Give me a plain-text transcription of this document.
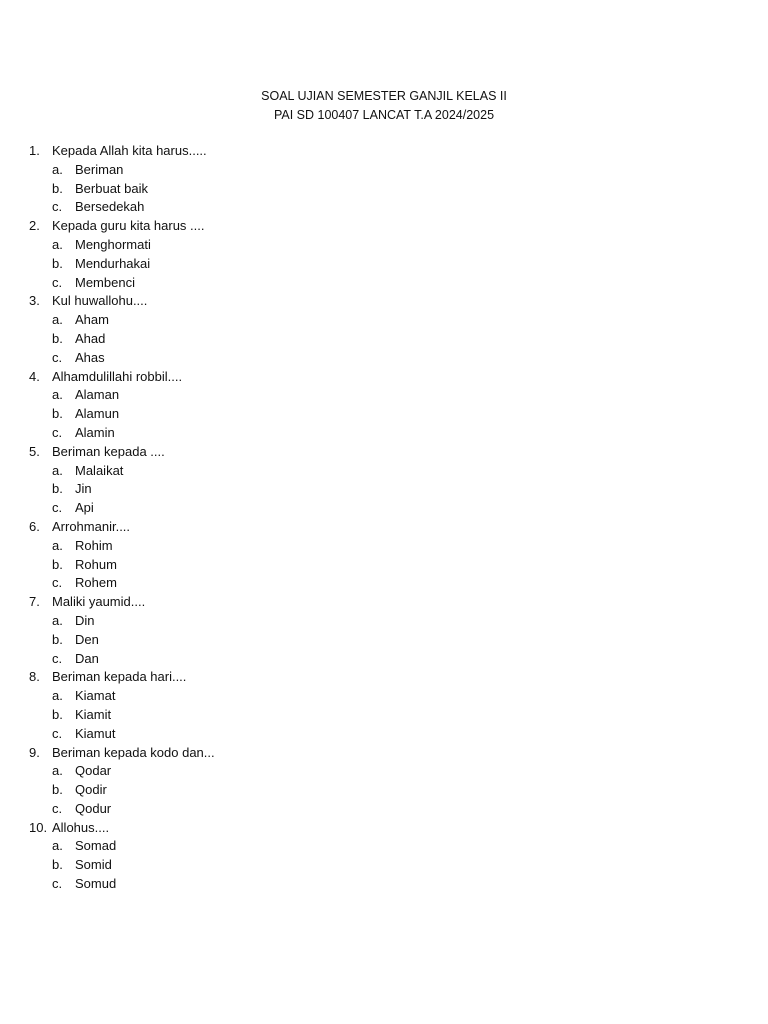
SOAL UJIAN SEMESTER GANJIL KELAS II
PAI SD 100407 LANCAT T.A 2024/2025
1. Kepada Allah kita harus.....
a. Beriman
b. Berbuat baik
c. Bersedekah
2. Kepada guru kita harus ....
a. Menghormati
b. Mendurhakai
c. Membenci
3. Kul huwallohu....
a. Aham
b. Ahad
c. Ahas
4. Alhamdulillahi robbil....
a. Alaman
b. Alamun
c. Alamin
5. Beriman kepada ....
a. Malaikat
b. Jin
c. Api
6. Arrohmanir....
a. Rohim
b. Rohum
c. Rohem
7. Maliki yaumid....
a. Din
b. Den
c. Dan
8. Beriman kepada hari....
a. Kiamat
b. Kiamit
c. Kiamut
9. Beriman kepada kodo dan...
a. Qodar
b. Qodir
c. Qodur
10. Allohus....
a. Somad
b. Somid
c. Somud
